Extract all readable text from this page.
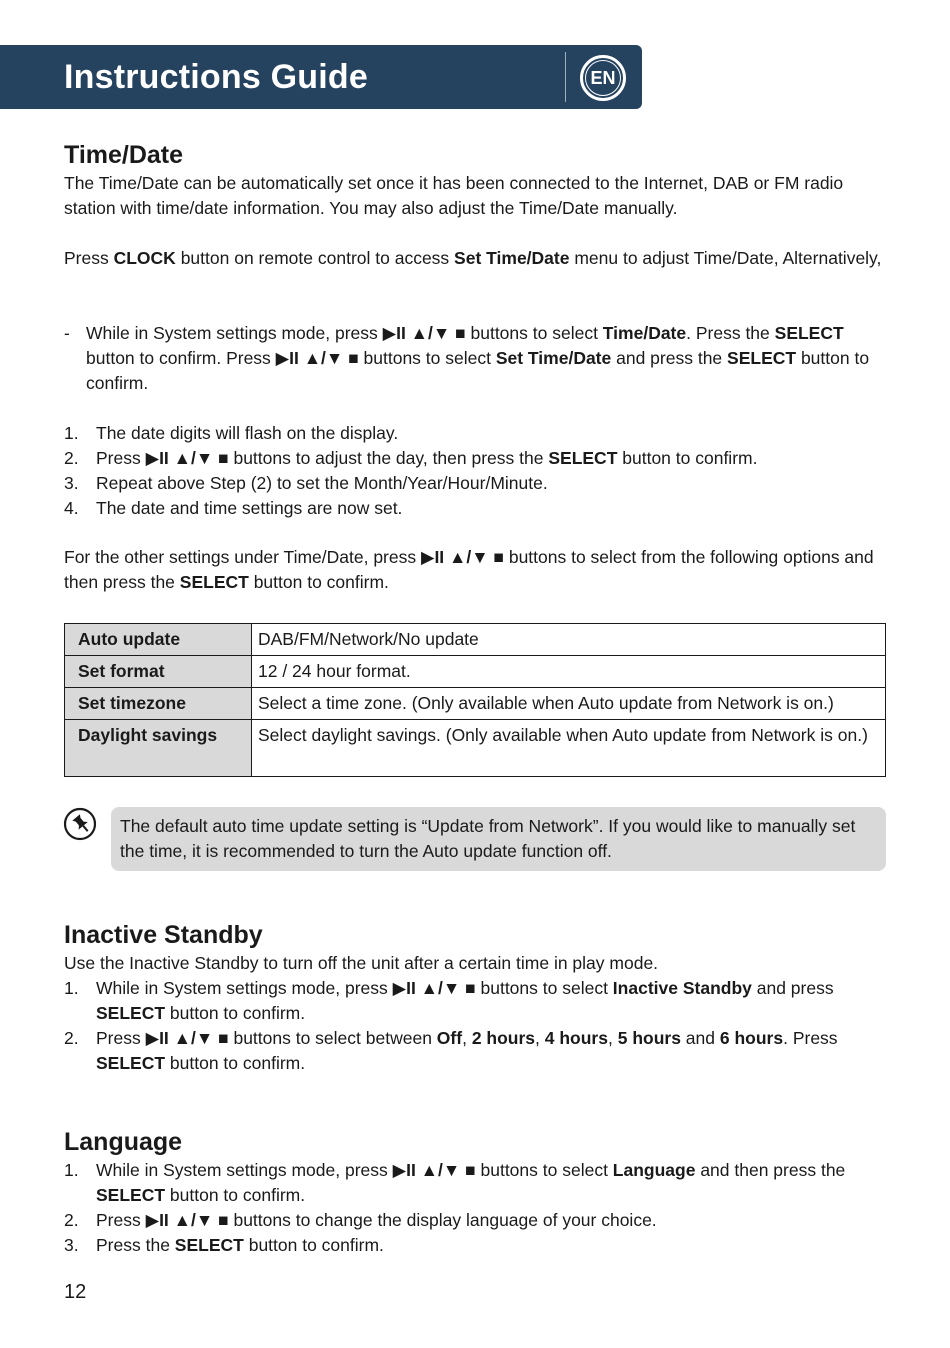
Instructions Guide	EN
Time/Date
The Time/Date can be automatically set once it has been connected to the Internet, DAB or FM radio station with time/date information. You may also adjust the Time/Date manually.
Press CLOCK button on remote control to access Set Time/Date menu to adjust Time/Date, Alternatively,
- While in System settings mode, press ▶II ▲/▼ ■ buttons to select Time/Date. Press the SELECT button to confirm. Press ▶II ▲/▼ ■ buttons to select Set Time/Date and press the SELECT button to confirm.
1. The date digits will flash on the display.
2. Press ▶II ▲/▼ ■ buttons to adjust the day, then press the SELECT button to confirm.
3. Repeat above Step (2) to set the Month/Year/Hour/Minute.
4. The date and time settings are now set.
For the other settings under Time/Date, press ▶II ▲/▼ ■ buttons to select from the following options and then press the SELECT button to confirm.
Auto update	DAB/FM/Network/No update
Set format	12 / 24 hour format.
Set timezone	Select a time zone. (Only available when Auto update from Network is on.)
Daylight savings	Select daylight savings. (Only available when Auto update from Network is on.)
The default auto time update setting is “Update from Network”. If you would like to manually set the time, it is recommended to turn the Auto update function off.
Inactive Standby
Use the Inactive Standby to turn off the unit after a certain time in play mode.
1. While in System settings mode, press ▶II ▲/▼ ■ buttons to select Inactive Standby and press SELECT button to confirm.
2. Press ▶II ▲/▼ ■ buttons to select between Off, 2 hours, 4 hours, 5 hours and 6 hours. Press SELECT button to confirm.
Language
1. While in System settings mode, press ▶II ▲/▼ ■ buttons to select Language and then press the SELECT button to confirm.
2. Press ▶II ▲/▼ ■ buttons to change the display language of your choice.
3. Press the SELECT button to confirm.
12
